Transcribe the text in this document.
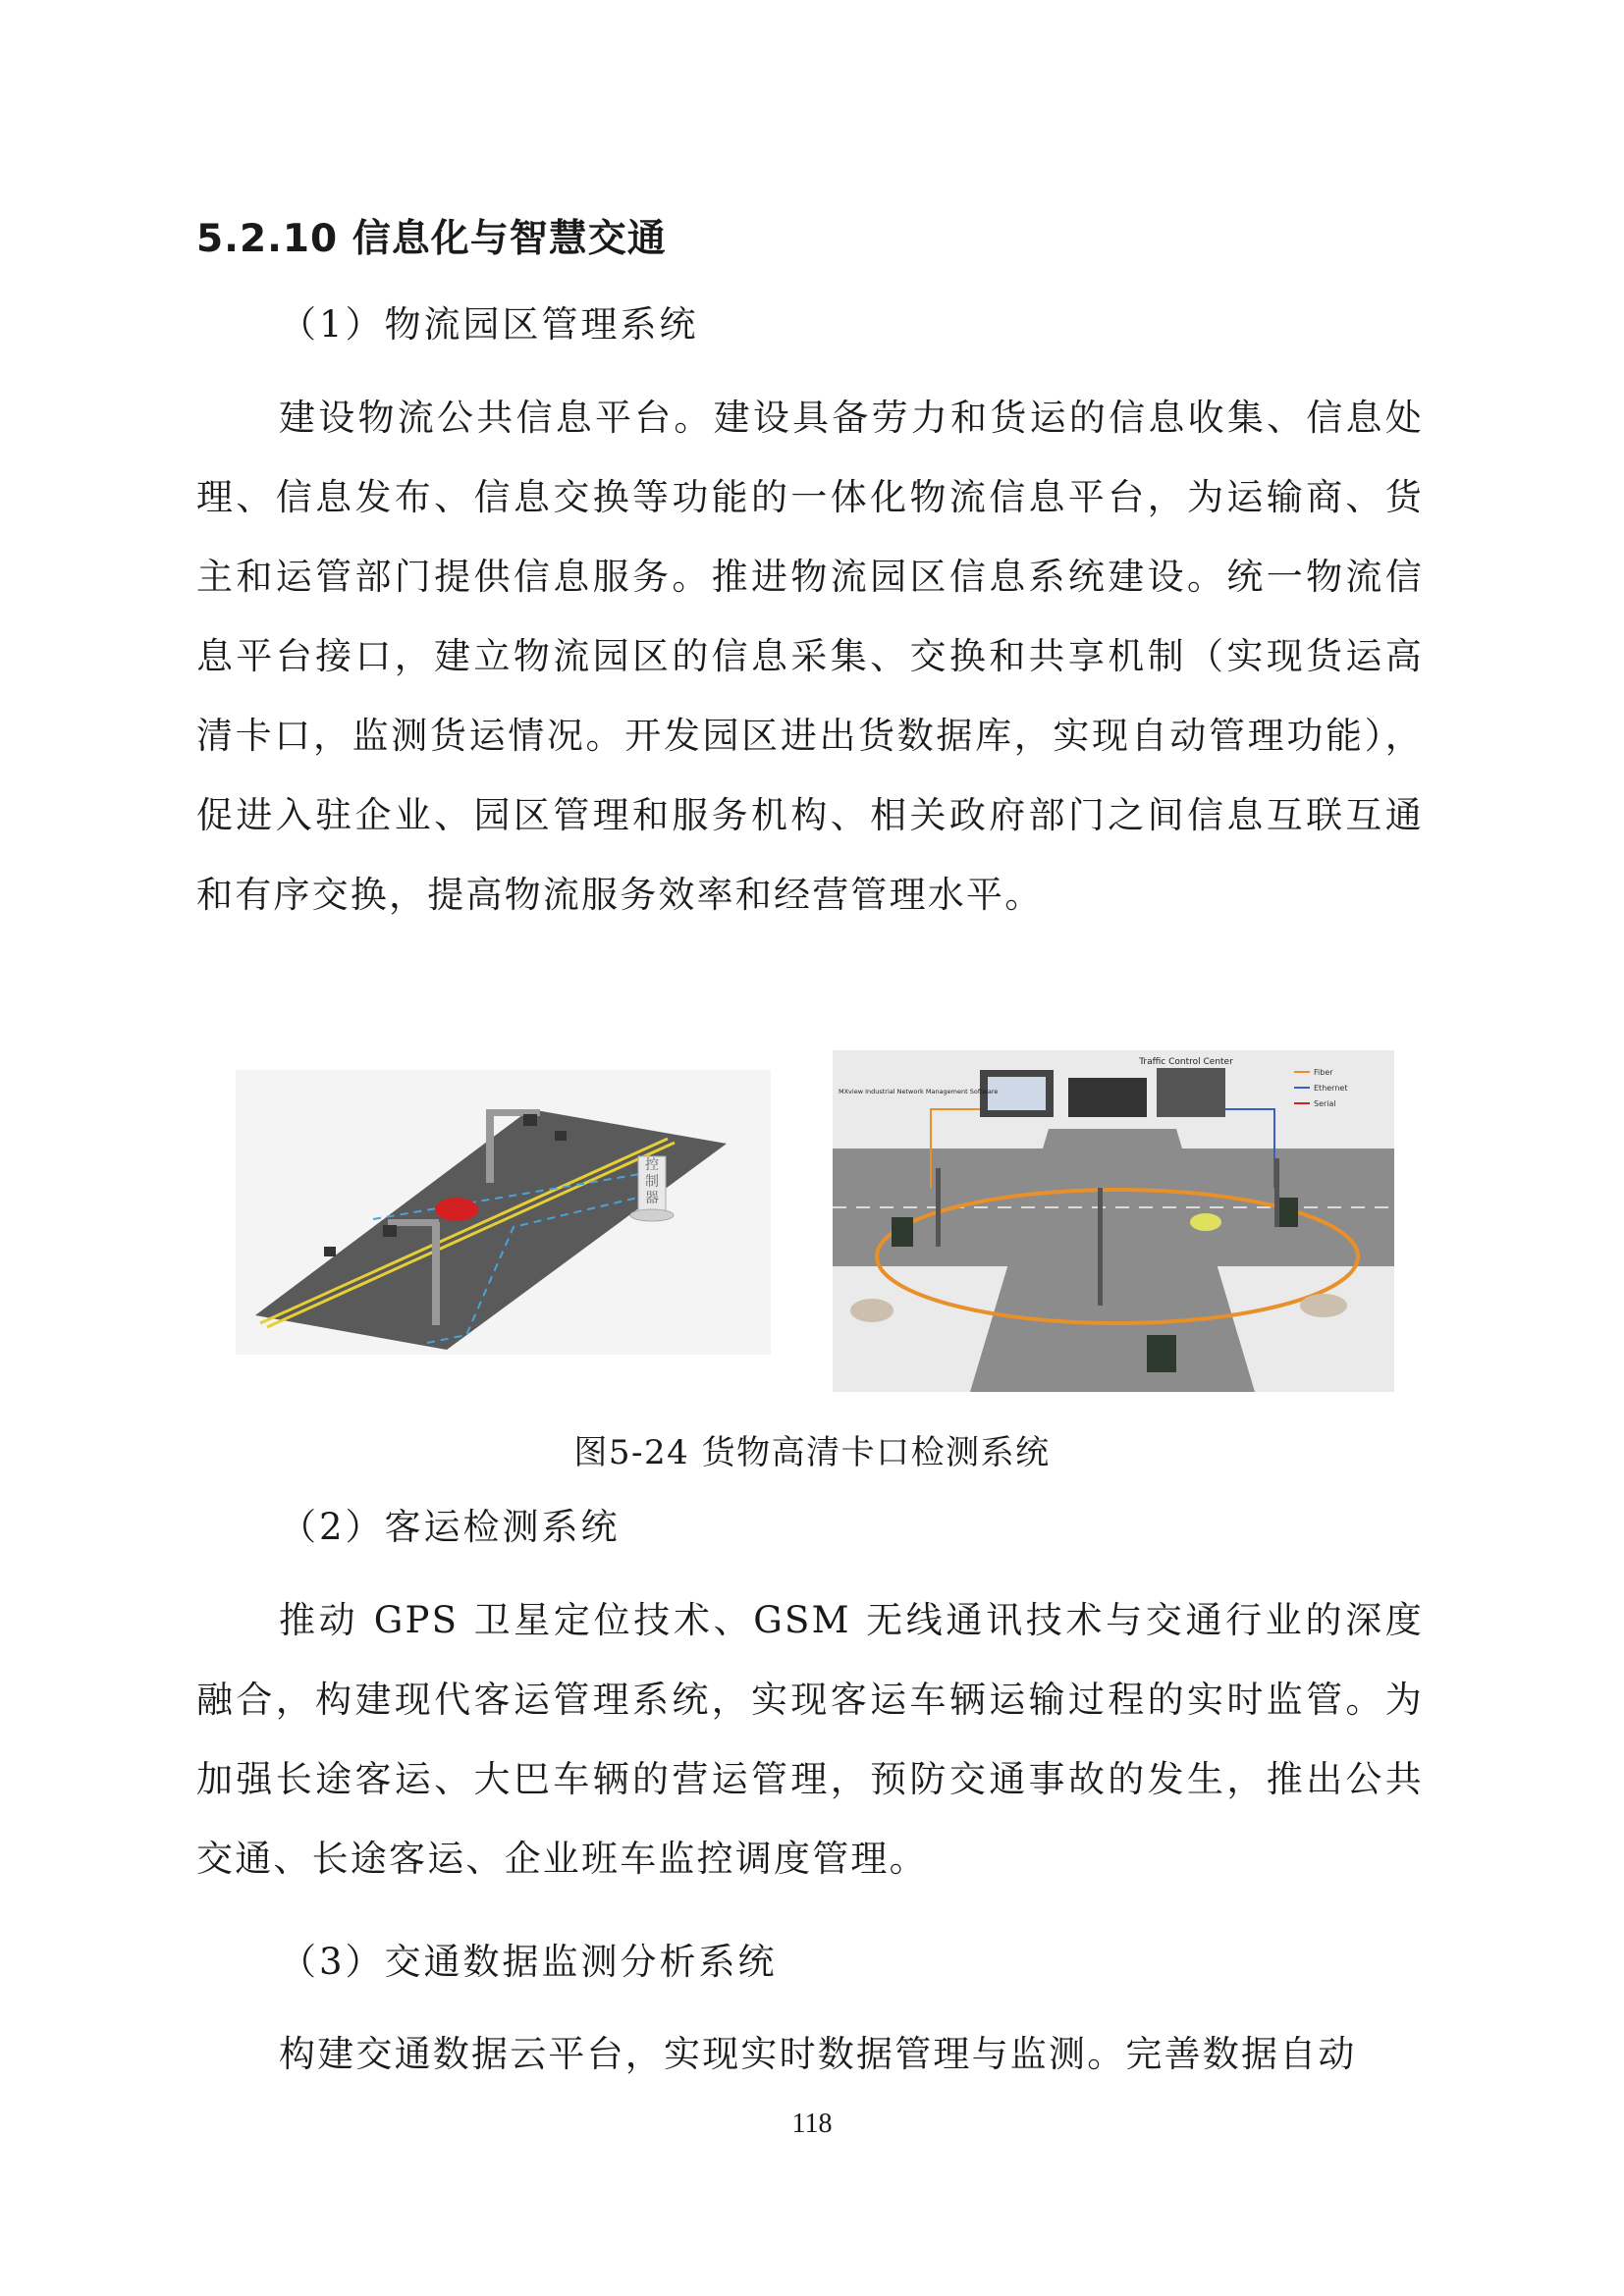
5.2.10 信息化与智慧交通
（1）物流园区管理系统

建设物流公共信息平台。建设具备劳力和货运的信息收集、信息处理、信息发布、信息交换等功能的一体化物流信息平台，为运输商、货主和运管部门提供信息服务。推进物流园区信息系统建设。统一物流信息平台接口，建立物流园区的信息采集、交换和共享机制（实现货运高清卡口，监测货运情况。开发园区进出货数据库，实现自动管理功能），促进入驻企业、园区管理和服务机构、相关政府部门之间信息互联互通和有序交换，提高物流服务效率和经营管理水平。

控
制
器
Traffic Control Center
MXview Industrial Network Management Software
Fiber
Ethernet
Serial
图5-24 货物高清卡口检测系统
（2）客运检测系统

推动 GPS 卫星定位技术、GSM 无线通讯技术与交通行业的深度融合，构建现代客运管理系统，实现客运车辆运输过程的实时监管。为加强长途客运、大巴车辆的营运管理，预防交通事故的发生，推出公共交通、长途客运、企业班车监控调度管理。

（3）交通数据监测分析系统

构建交通数据云平台，实现实时数据管理与监测。完善数据自动

118
